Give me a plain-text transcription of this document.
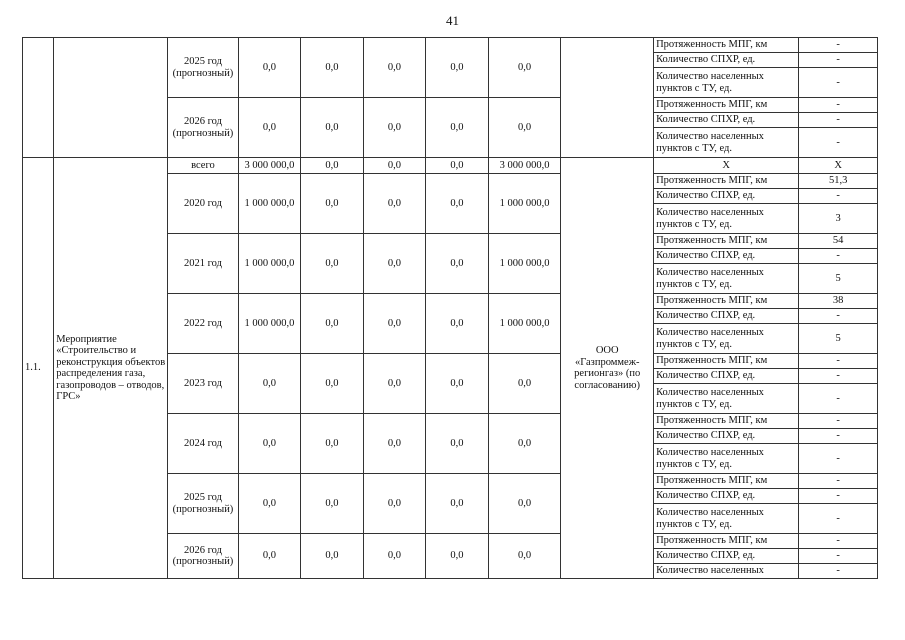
41
		2025 год (прогнозный)	0,0	0,0	0,0	0,0	0,0		Протяженность МПГ, км	-
									Количество СПХР, ед.	-
									Количество населенных пунктов с ТУ, ед.	-
		2026 год (прогнозный)	0,0	0,0	0,0	0,0	0,0		Протяженность МПГ, км	-
									Количество СПХР, ед.	-
									Количество населенных пунктов с ТУ, ед.	-
1.1.	Мероприятие «Строительство и реконструкция объектов распределения газа, газопроводов – отводов, ГРС»	всего	3 000 000,0	0,0	0,0	0,0	3 000 000,0	ООО «Газпроммеж-регионгаз» (по согласованию)	Х	Х
		2020 год	1 000 000,0	0,0	0,0	0,0	1 000 000,0		Протяженность МПГ, км	51,3
									Количество СПХР, ед.	-
									Количество населенных пунктов с ТУ, ед.	3
		2021 год	1 000 000,0	0,0	0,0	0,0	1 000 000,0		Протяженность МПГ, км	54
									Количество СПХР, ед.	-
									Количество населенных пунктов с ТУ, ед.	5
		2022 год	1 000 000,0	0,0	0,0	0,0	1 000 000,0		Протяженность МПГ, км	38
									Количество СПХР, ед.	-
									Количество населенных пунктов с ТУ, ед.	5
		2023 год	0,0	0,0	0,0	0,0	0,0		Протяженность МПГ, км	-
									Количество СПХР, ед.	-
									Количество населенных пунктов с ТУ, ед.	-
		2024 год	0,0	0,0	0,0	0,0	0,0		Протяженность МПГ, км	-
									Количество СПХР, ед.	-
									Количество населенных пунктов с ТУ, ед.	-
		2025 год (прогнозный)	0,0	0,0	0,0	0,0	0,0		Протяженность МПГ, км	-
									Количество СПХР, ед.	-
									Количество населенных пунктов с ТУ, ед.	-
		2026 год (прогнозный)	0,0	0,0	0,0	0,0	0,0		Протяженность МПГ, км	-
									Количество СПХР, ед.	-
									Количество населенных	-
